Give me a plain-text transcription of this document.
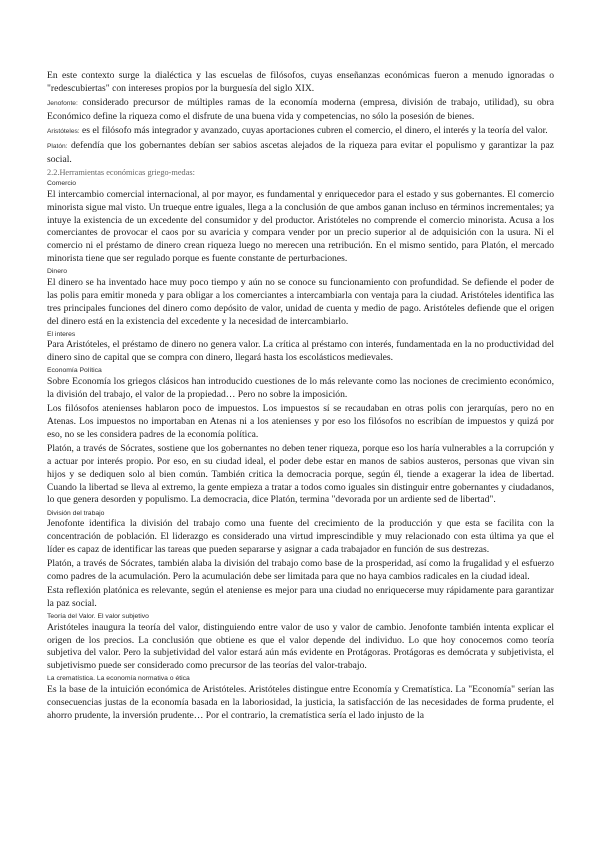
En este contexto surge la dialéctica y las escuelas de filósofos, cuyas enseñanzas económicas fueron a menudo ignoradas o "redescubiertas" con intereses propios por la burguesía del siglo XIX.

Jenofonte: considerado precursor de múltiples ramas de la economía moderna (empresa, división de trabajo, utilidad), su obra Económico define la riqueza como el disfrute de una buena vida y competencias, no sólo la posesión de bienes.

Aristóteles: es el filósofo más integrador y avanzado, cuyas aportaciones cubren el comercio, el dinero, el interés y la teoría del valor.

Platón: defendía que los gobernantes debían ser sabios ascetas alejados de la riqueza para evitar el populismo y garantizar la paz social.

2.2.Herramientas económicas griego-medas:
Comercio

El intercambio comercial internacional, al por mayor, es fundamental y enriquecedor para el estado y sus gobernantes. El comercio minorista sigue mal visto. Un trueque entre iguales, llega a la conclusión de que ambos ganan incluso en términos incrementales; ya intuye la existencia de un excedente del consumidor y del productor. Aristóteles no comprende el comercio minorista. Acusa a los comerciantes de provocar el caos por su avaricia y compara vender por un precio superior al de adquisición con la usura. Ni el comercio ni el préstamo de dinero crean riqueza luego no merecen una retribución. En el mismo sentido, para Platón, el mercado minorista tiene que ser regulado porque es fuente constante de perturbaciones.

Dinero

El dinero se ha inventado hace muy poco tiempo y aún no se conoce su funcionamiento con profundidad. Se defiende el poder de las polis para emitir moneda y para obligar a los comerciantes a intercambiarla con ventaja para la ciudad. Aristóteles identifica las tres principales funciones del dinero como depósito de valor, unidad de cuenta y medio de pago. Aristóteles defiende que el origen del dinero está en la existencia del excedente y la necesidad de intercambiarlo.

El interes

Para Aristóteles, el préstamo de dinero no genera valor. La crítica al préstamo con interés, fundamentada en la no productividad del dinero sino de capital que se compra con dinero, llegará hasta los escolásticos medievales.

Economía Política

Sobre Economía los griegos clásicos han introducido cuestiones de lo más relevante como las nociones de crecimiento económico, la división del trabajo, el valor de la propiedad… Pero no sobre la imposición.

Los filósofos atenienses hablaron poco de impuestos. Los impuestos sí se recaudaban en otras polis con jerarquías, pero no en Atenas. Los impuestos no importaban en Atenas ni a los atenienses y por eso los filósofos no escribían de impuestos y quizá por eso, no se les considera padres de la economía política.

Platón, a través de Sócrates, sostiene que los gobernantes no deben tener riqueza, porque eso los haría vulnerables a la corrupción y a actuar por interés propio. Por eso, en su ciudad ideal, el poder debe estar en manos de sabios austeros, personas que vivan sin hijos y se dediquen solo al bien común. También critica la democracia porque, según él, tiende a exagerar la idea de libertad. Cuando la libertad se lleva al extremo, la gente empieza a tratar a todos como iguales sin distinguir entre gobernantes y ciudadanos, lo que genera desorden y populismo. La democracia, dice Platón, termina "devorada por un ardiente sed de libertad".

División del trabajo

Jenofonte identifica la división del trabajo como una fuente del crecimiento de la producción y que esta se facilita con la concentración de población. El liderazgo es considerado una virtud imprescindible y muy relacionado con esta última ya que el líder es capaz de identificar las tareas que pueden separarse y asignar a cada trabajador en función de sus destrezas.

Platón, a través de Sócrates, también alaba la división del trabajo como base de la prosperidad, así como la frugalidad y el esfuerzo como padres de la acumulación. Pero la acumulación debe ser limitada para que no haya cambios radicales en la ciudad ideal.

Esta reflexión platónica es relevante, según el ateniense es mejor para una ciudad no enriquecerse muy rápidamente para garantizar la paz social.

Teoría del Valor. El valor subjetivo

Aristóteles inaugura la teoría del valor, distinguiendo entre valor de uso y valor de cambio. Jenofonte también intenta explicar el origen de los precios. La conclusión que obtiene es que el valor depende del individuo. Lo que hoy conocemos como teoría subjetiva del valor. Pero la subjetividad del valor estará aún más evidente en Protágoras. Protágoras es demócrata y subjetivista, el subjetivismo puede ser considerado como precursor de las teorías del valor-trabajo.

La crematística. La economía normativa o ética

Es la base de la intuición económica de Aristóteles. Aristóteles distingue entre Economía y Crematística. La "Economía" serían las consecuencias justas de la economía basada en la laboriosidad, la justicia, la satisfacción de las necesidades de forma prudente, el ahorro prudente, la inversión prudente… Por el contrario, la crematística sería el lado injusto de la
